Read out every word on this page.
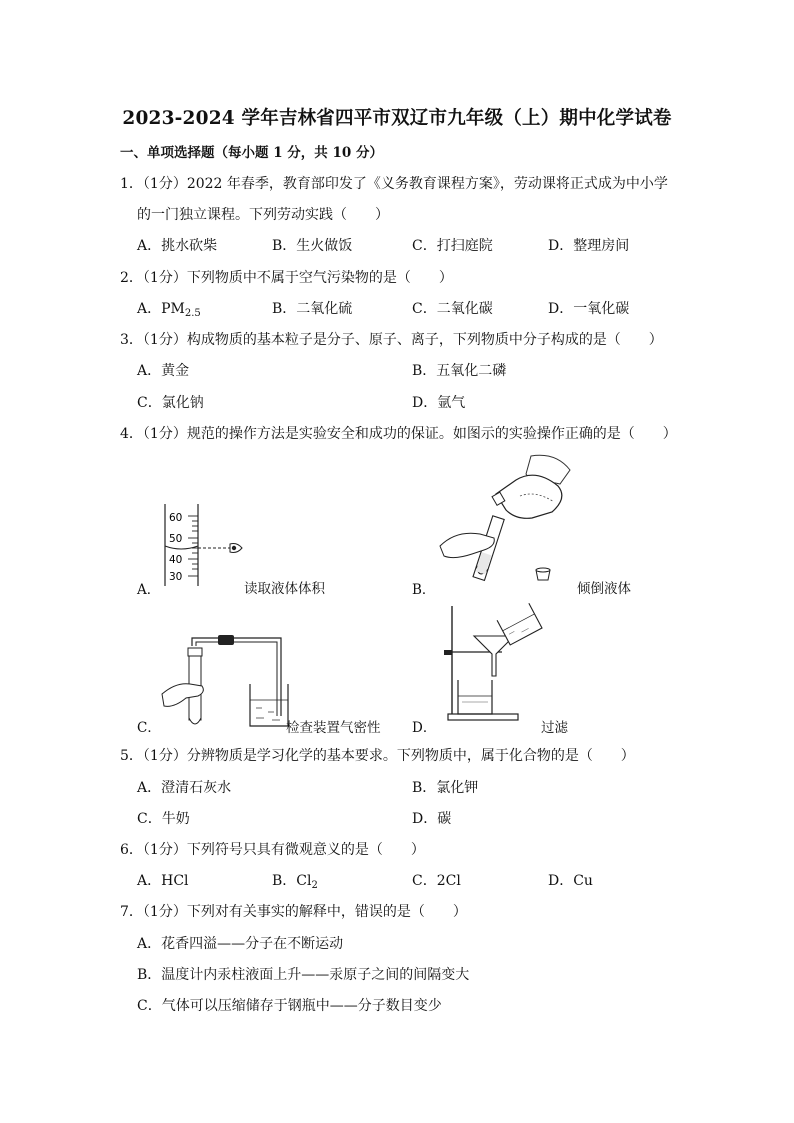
2023-2024 学年吉林省四平市双辽市九年级（上）期中化学试卷
一、单项选择题（每小题 1 分，共 10 分）
1．（1分）2022 年春季，教育部印发了《义务教育课程方案》，劳动课将正式成为中小学
的一门独立课程。下列劳动实践（　　）
A．挑水砍柴	B．生火做饭	C．打扫庭院	D．整理房间
2．（1分）下列物质中不属于空气污染物的是（　　）
A．$PM_{2.5}$	B．二氧化硫	C．二氧化碳	D．一氧化碳
3．（1分）构成物质的基本粒子是分子、原子、离子，下列物质中分子构成的是（　　）
A．黄金	B．五氧化二磷
C．氯化钠	D．氩气
4．（1分）规范的操作方法是实验安全和成功的保证。如图示的实验操作正确的是（　　）
60
50
40
30
A．	读取液体体积	B．	倾倒液体
C．	检查装置气密性 D．	过滤
5．（1分）分辨物质是学习化学的基本要求。下列物质中，属于化合物的是（　　）
A．澄清石灰水	B．氯化钾
C．牛奶	D．碳
6．（1分）下列符号只具有微观意义的是（　　）
A．HCl	B．$Cl_2$	C．2Cl	D．Cu
7．（1分）下列对有关事实的解释中，错误的是（　　）
A．花香四溢——分子在不断运动
B．温度计内汞柱液面上升——汞原子之间的间隔变大
C．气体可以压缩储存于钢瓶中——分子数目变少
